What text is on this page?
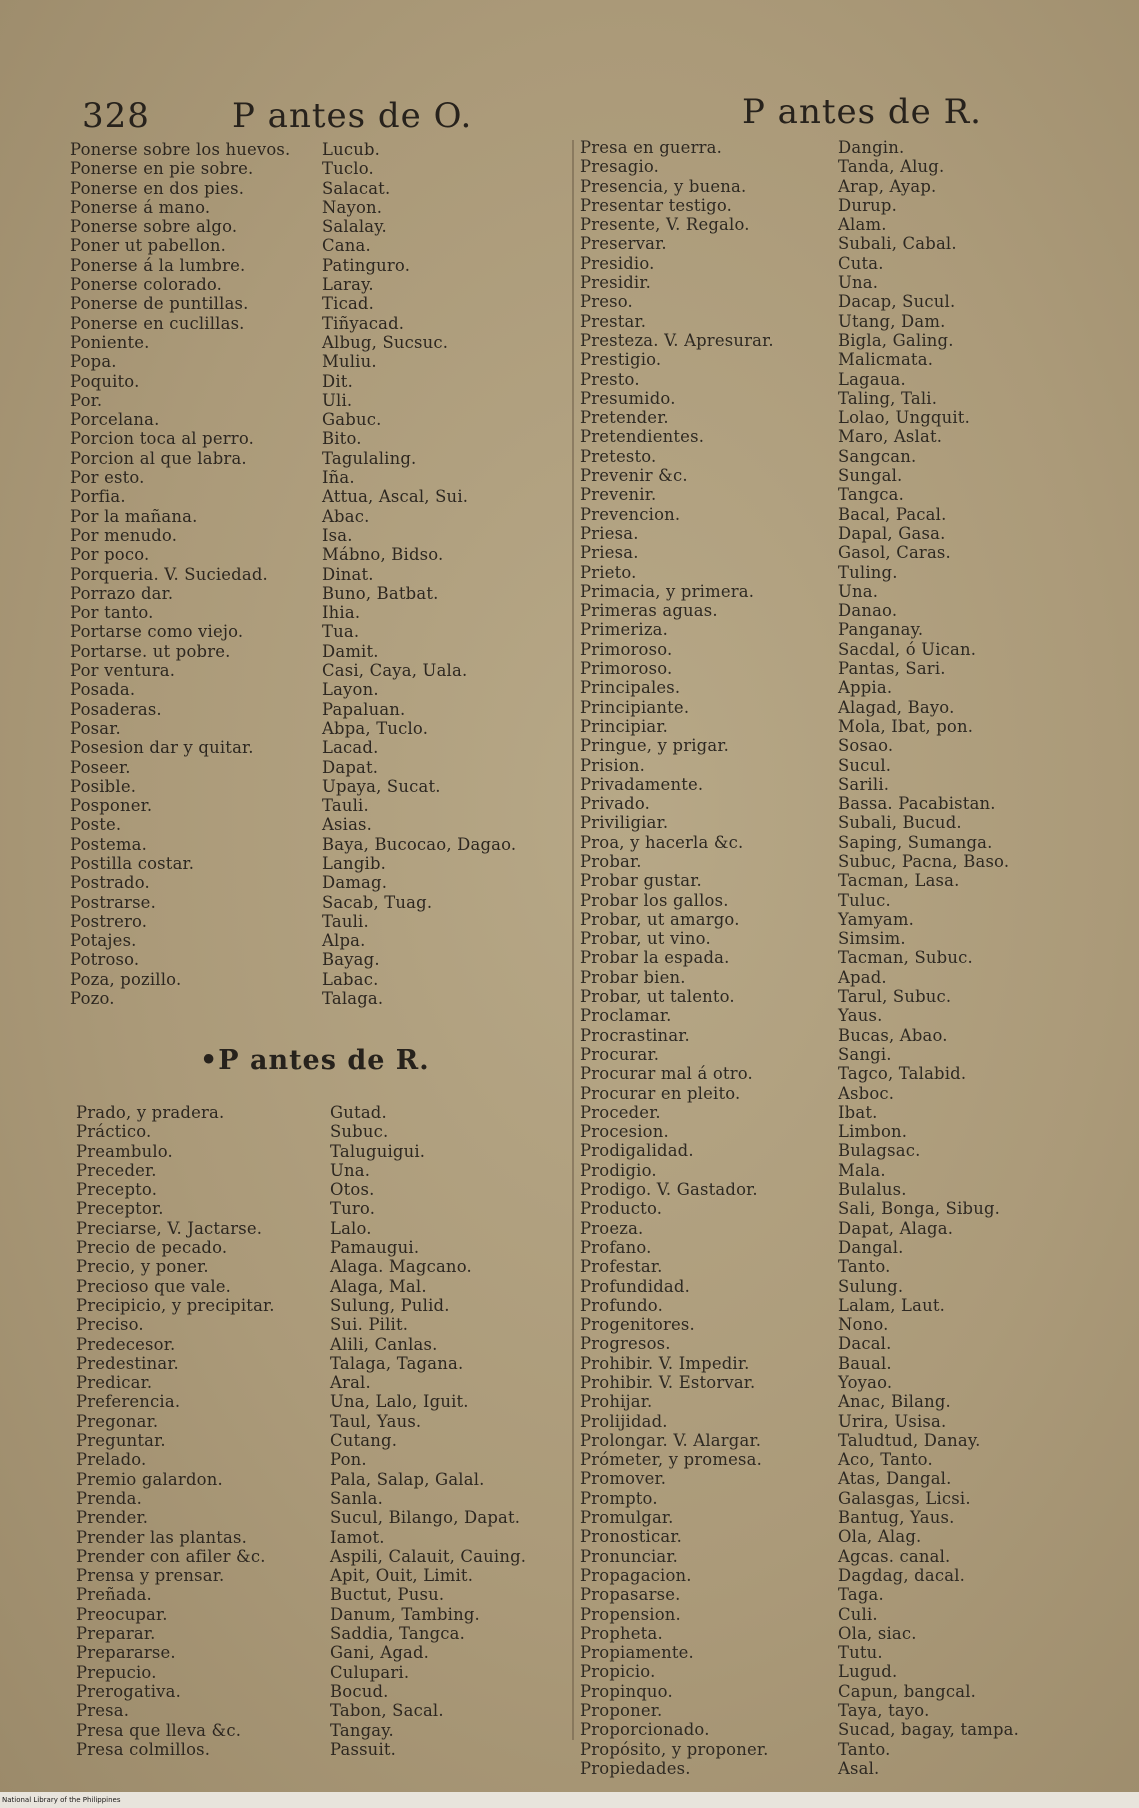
328 P antes de O.	P antes de R.
•P antes de R.
Ponerse sobre los huevos. Lucub.
Ponerse en pie sobre.	Tuclo.
Ponerse en dos pies.	Salacat.
Ponerse á mano.	Nayon.
Ponerse sobre algo.	Salalay.
Poner ut pabellon.	Cana.
Ponerse á la lumbre.	Patinguro.
Ponerse colorado.	Laray.
Ponerse de puntillas.	Ticad.
Ponerse en cuclillas.	Tiñyacad.
Poniente.	Albug, Sucsuc.
Popa.	Muliu.
Poquito.	Dit.
Por.	Uli.
Porcelana.	Gabuc.
Porcion toca al perro.	Bito.
Porcion al que labra.	Tagulaling.
Por esto.	Iña.
Porfia.	Attua, Ascal, Sui.
Por la mañana.	Abac.
Por menudo.	Isa.
Por poco.	Mábno, Bidso.
Porqueria. V. Suciedad.	Dinat.
Porrazo dar.	Buno, Batbat.
Por tanto.	Ihia.
Portarse como viejo.	Tua.
Portarse. ut pobre.	Damit.
Por ventura.	Casi, Caya, Uala.
Posada.	Layon.
Posaderas.	Papaluan.
Posar.	Abpa, Tuclo.
Posesion dar y quitar.	Lacad.
Poseer.	Dapat.
Posible.	Upaya, Sucat.
Posponer.	Tauli.
Poste.	Asias.
Postema.	Baya, Bucocao, Dagao.
Postilla costar.	Langib.
Postrado.	Damag.
Postrarse.	Sacab, Tuag.
Postrero.	Tauli.
Potajes.	Alpa.
Potroso.	Bayag.
Poza, pozillo.	Labac.
Pozo.	Talaga.
Prado, y pradera.	Gutad.
Práctico.	Subuc.
Preambulo.	Taluguigui.
Preceder.	Una.
Precepto.	Otos.
Preceptor.	Turo.
Preciarse, V. Jactarse.	Lalo.
Precio de pecado.	Pamaugui.
Precio, y poner.	Alaga. Magcano.
Precioso que vale.	Alaga, Mal.
Precipicio, y precipitar.	Sulung, Pulid.
Preciso.	Sui. Pilit.
Predecesor.	Alili, Canlas.
Predestinar.	Talaga, Tagana.
Predicar.	Aral.
Preferencia.	Una, Lalo, Iguit.
Pregonar.	Taul, Yaus.
Preguntar.	Cutang.
Prelado.	Pon.
Premio galardon.	Pala, Salap, Galal.
Prenda.	Sanla.
Prender.	Sucul, Bilango, Dapat.
Prender las plantas.	Iamot.
Prender con afiler &c.	Aspili, Calauit, Cauing.
Prensa y prensar.	Apit, Ouit, Limit.
Preñada.	Buctut, Pusu.
Preocupar.	Danum, Tambing.
Preparar.	Saddia, Tangca.
Prepararse.	Gani, Agad.
Prepucio.	Culupari.
Prerogativa.	Bocud.
Presa.	Tabon, Sacal.
Presa que lleva &c.	Tangay.
Presa colmillos.	Passuit.
Presa en guerra.	Dangin.
Presagio.	Tanda, Alug.
Presencia, y buena.	Arap, Ayap.
Presentar testigo.	Durup.
Presente, V. Regalo.	Alam.
Preservar.	Subali, Cabal.
Presidio.	Cuta.
Presidir.	Una.
Preso.	Dacap, Sucul.
Prestar.	Utang, Dam.
Presteza. V. Apresurar.	Bigla, Galing.
Prestigio.	Malicmata.
Presto.	Lagaua.
Presumido.	Taling, Tali.
Pretender.	Lolao, Ungquit.
Pretendientes.	Maro, Aslat.
Pretesto.	Sangcan.
Prevenir &c.	Sungal.
Prevenir.	Tangca.
Prevencion.	Bacal, Pacal.
Priesa.	Dapal, Gasa.
Priesa.	Gasol, Caras.
Prieto.	Tuling.
Primacia, y primera.	Una.
Primeras aguas.	Danao.
Primeriza.	Panganay.
Primoroso.	Sacdal, ó Uican.
Primoroso.	Pantas, Sari.
Principales.	Appia.
Principiante.	Alagad, Bayo.
Principiar.	Mola, Ibat, pon.
Pringue, y prigar.	Sosao.
Prision.	Sucul.
Privadamente.	Sarili.
Privado.	Bassa. Pacabistan.
Priviligiar.	Subali, Bucud.
Proa, y hacerla &c.	Saping, Sumanga.
Probar.	Subuc, Pacna, Baso.
Probar gustar.	Tacman, Lasa.
Probar los gallos.	Tuluc.
Probar, ut amargo.	Yamyam.
Probar, ut vino.	Simsim.
Probar la espada.	Tacman, Subuc.
Probar bien.	Apad.
Probar, ut talento.	Tarul, Subuc.
Proclamar.	Yaus.
Procrastinar.	Bucas, Abao.
Procurar.	Sangi.
Procurar mal á otro.	Tagco, Talabid.
Procurar en pleito.	Asboc.
Proceder.	Ibat.
Procesion.	Limbon.
Prodigalidad.	Bulagsac.
Prodigio.	Mala.
Prodigo. V. Gastador.	Bulalus.
Producto.	Sali, Bonga, Sibug.
Proeza.	Dapat, Alaga.
Profano.	Dangal.
Profestar.	Tanto.
Profundidad.	Sulung.
Profundo.	Lalam, Laut.
Progenitores.	Nono.
Progresos.	Dacal.
Prohibir. V. Impedir.	Baual.
Prohibir. V. Estorvar.	Yoyao.
Prohijar.	Anac, Bilang.
Prolijidad.	Urira, Usisa.
Prolongar. V. Alargar.	Taludtud, Danay.
Prómeter, y promesa.	Aco, Tanto.
Promover.	Atas, Dangal.
Prompto.	Galasgas, Licsi.
Promulgar.	Bantug, Yaus.
Pronosticar.	Ola, Alag.
Pronunciar.	Agcas. canal.
Propagacion.	Dagdag, dacal.
Propasarse.	Taga.
Propension.	Culi.
Propheta.	Ola, siac.
Propiamente.	Tutu.
Propicio.	Lugud.
Propinquo.	Capun, bangcal.
Proponer.	Taya, tayo.
Proporcionado.	Sucad, bagay, tampa.
Propósito, y proponer.	Tanto.
Propiedades.	Asal.
National Library of the Philippines
